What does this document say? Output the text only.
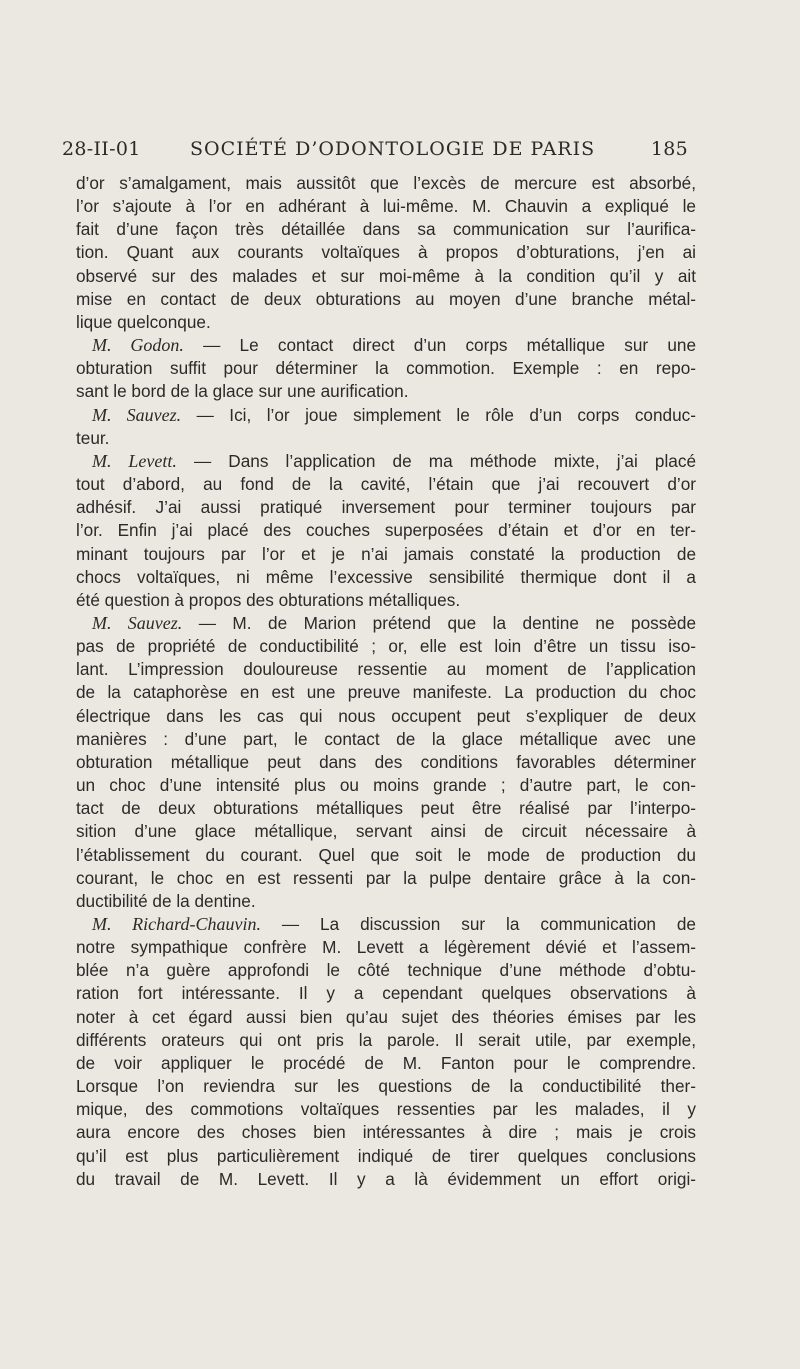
28-II-01	SOCIÉTÉ D’ODONTOLOGIE DE PARIS	185
d’or s’amalgament, mais aussitôt que l’excès de mercure est absorbé,
l’or s’ajoute à l’or en adhérant à lui-même. M. Chauvin a expliqué le
fait d’une façon très détaillée dans sa communication sur l’aurifica-
tion. Quant aux courants voltaïques à propos d’obturations, j’en ai
observé sur des malades et sur moi-même à la condition qu’il y ait
mise en contact de deux obturations au moyen d’une branche métal-
lique quelconque.
M. Godon. — Le contact direct d’un corps métallique sur une
obturation suffit pour déterminer la commotion. Exemple : en repo-
sant le bord de la glace sur une aurification.
M. Sauvez. — Ici, l’or joue simplement le rôle d’un corps conduc-
teur.
M. Levett. — Dans l’application de ma méthode mixte, j’ai placé
tout d’abord, au fond de la cavité, l’étain que j’ai recouvert d’or
adhésif. J’ai aussi pratiqué inversement pour terminer toujours par
l’or. Enfin j’ai placé des couches superposées d’étain et d’or en ter-
minant toujours par l’or et je n’ai jamais constaté la production de
chocs voltaïques, ni même l’excessive sensibilité thermique dont il a
été question à propos des obturations métalliques.
M. Sauvez. — M. de Marion prétend que la dentine ne possède
pas de propriété de conductibilité ; or, elle est loin d’être un tissu iso-
lant. L’impression douloureuse ressentie au moment de l’application
de la cataphorèse en est une preuve manifeste. La production du choc
électrique dans les cas qui nous occupent peut s’expliquer de deux
manières : d’une part, le contact de la glace métallique avec une
obturation métallique peut dans des conditions favorables déterminer
un choc d’une intensité plus ou moins grande ; d’autre part, le con-
tact de deux obturations métalliques peut être réalisé par l’interpo-
sition d’une glace métallique, servant ainsi de circuit nécessaire à
l’établissement du courant. Quel que soit le mode de production du
courant, le choc en est ressenti par la pulpe dentaire grâce à la con-
ductibilité de la dentine.
M. Richard-Chauvin. — La discussion sur la communication de
notre sympathique confrère M. Levett a légèrement dévié et l’assem-
blée n’a guère approfondi le côté technique d’une méthode d’obtu-
ration fort intéressante. Il y a cependant quelques observations à
noter à cet égard aussi bien qu’au sujet des théories émises par les
différents orateurs qui ont pris la parole. Il serait utile, par exemple,
de voir appliquer le procédé de M. Fanton pour le comprendre.
Lorsque l’on reviendra sur les questions de la conductibilité ther-
mique, des commotions voltaïques ressenties par les malades, il y
aura encore des choses bien intéressantes à dire ; mais je crois
qu’il est plus particulièrement indiqué de tirer quelques conclusions
du travail de M. Levett. Il y a là évidemment un effort origi-
